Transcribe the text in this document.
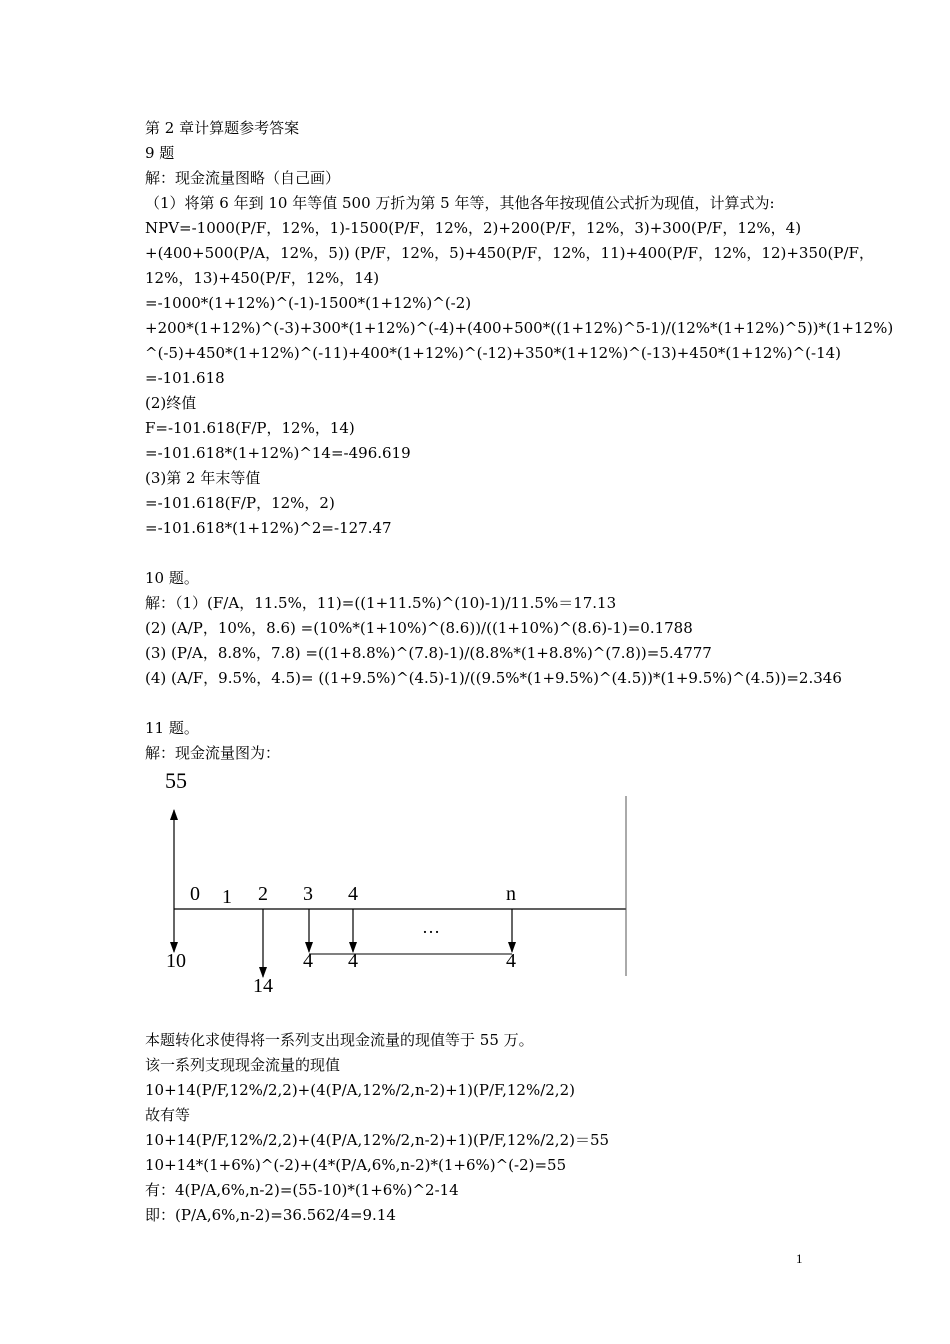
第 2 章计算题参考答案
9 题
解：现金流量图略（自己画）
（1）将第 6 年到 10 年等值 500 万折为第 5 年等，其他各年按现值公式折为现值，计算式为:
NPV=-1000(P/F，12%，1)-1500(P/F，12%，2)+200(P/F，12%，3)+300(P/F，12%，4)
+(400+500(P/A，12%，5)) (P/F，12%，5)+450(P/F，12%，11)+400(P/F，12%，12)+350(P/F，
12%，13)+450(P/F，12%，14)
=-1000*(1+12%)^(-1)-1500*(1+12%)^(-2)
+200*(1+12%)^(-3)+300*(1+12%)^(-4)+(400+500*((1+12%)^5-1)/(12%*(1+12%)^5))*(1+12%)
^(-5)+450*(1+12%)^(-11)+400*(1+12%)^(-12)+350*(1+12%)^(-13)+450*(1+12%)^(-14)
=-101.618
(2)终值
F=-101.618(F/P，12%，14)
=-101.618*(1+12%)^14=-496.619
(3)第 2 年末等值
=-101.618(F/P，12%，2)
=-101.618*(1+12%)^2=-127.47
10 题。
解：（1）(F/A，11.5%，11)=((1+11.5%)^(10)-1)/11.5%＝17.13
(2) (A/P，10%，8.6) =(10%*(1+10%)^(8.6))/((1+10%)^(8.6)-1)=0.1788
(3) (P/A，8.8%，7.8) =((1+8.8%)^(7.8)-1)/(8.8%*(1+8.8%)^(7.8))=5.4777
(4) (A/F，9.5%，4.5)= ((1+9.5%)^(4.5)-1)/((9.5%*(1+9.5%)^(4.5))*(1+9.5%)^(4.5))=2.346
11 题。
解：现金流量图为：
55
0 1 2 3 4	n
…
10
14
4 4	4
本题转化求使得将一系列支出现金流量的现值等于 55 万。
该一系列支现现金流量的现值
10+14(P/F,12%/2,2)+(4(P/A,12%/2,n-2)+1)(P/F,12%/2,2)
故有等
10+14(P/F,12%/2,2)+(4(P/A,12%/2,n-2)+1)(P/F,12%/2,2)＝55
10+14*(1+6%)^(-2)+(4*(P/A,6%,n-2)*(1+6%)^(-2)=55
有：4(P/A,6%,n-2)=(55-10)*(1+6%)^2-14
即：(P/A,6%,n-2)=36.562/4=9.14
1
